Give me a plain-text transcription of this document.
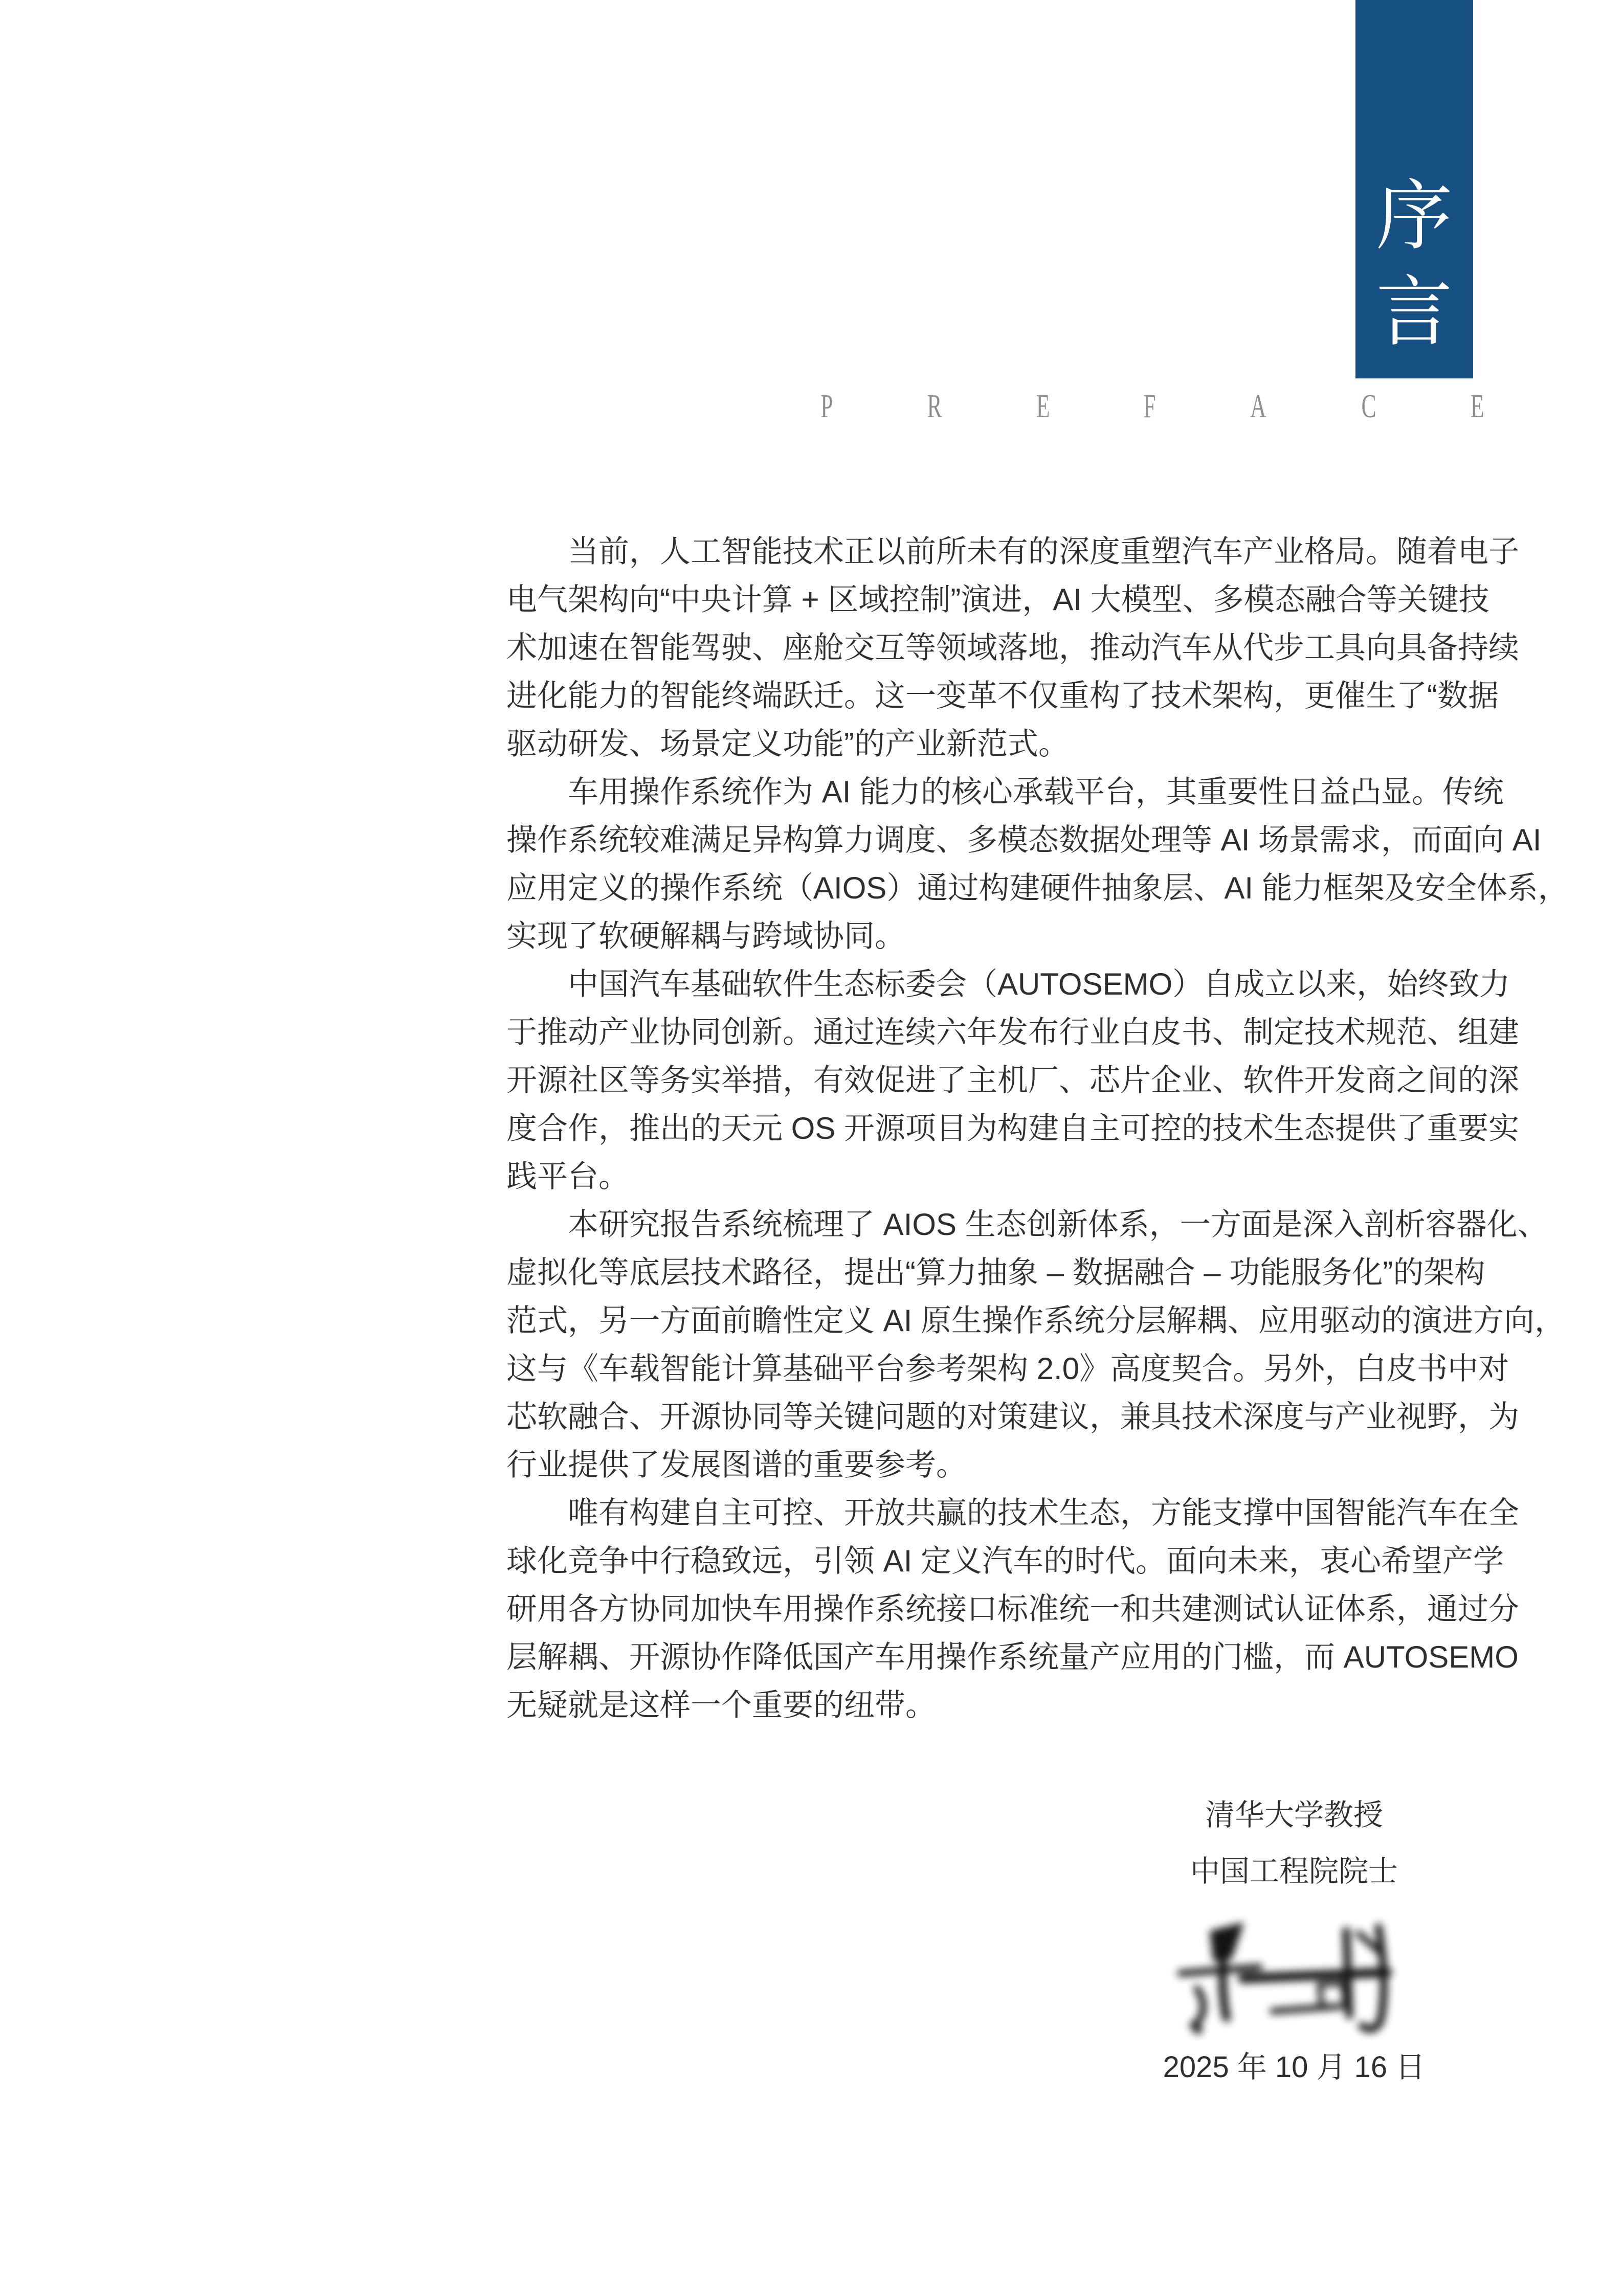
序
言
P	R	E	F	A	C	E
当前，人工智能技术正以前所未有的深度重塑汽车产业格局。随着电子
电气架构向“中央计算 + 区域控制”演进，AI 大模型、多模态融合等关键技
术加速在智能驾驶、座舱交互等领域落地，推动汽车从代步工具向具备持续
进化能力的智能终端跃迁。这一变革不仅重构了技术架构，更催生了“数据
驱动研发、场景定义功能”的产业新范式。
车用操作系统作为 AI 能力的核心承载平台，其重要性日益凸显。传统
操作系统较难满足异构算力调度、多模态数据处理等 AI 场景需求，而面向 AI
应用定义的操作系统（AIOS）通过构建硬件抽象层、AI 能力框架及安全体系，
实现了软硬解耦与跨域协同。
中国汽车基础软件生态标委会（AUTOSEMO）自成立以来，始终致力
于推动产业协同创新。通过连续六年发布行业白皮书、制定技术规范、组建
开源社区等务实举措，有效促进了主机厂、芯片企业、软件开发商之间的深
度合作，推出的天元 OS 开源项目为构建自主可控的技术生态提供了重要实
践平台。
本研究报告系统梳理了 AIOS 生态创新体系，一方面是深入剖析容器化、
虚拟化等底层技术路径，提出“算力抽象 – 数据融合 – 功能服务化”的架构
范式，另一方面前瞻性定义 AI 原生操作系统分层解耦、应用驱动的演进方向，
这与《车载智能计算基础平台参考架构 2.0》高度契合。另外，白皮书中对
芯软融合、开源协同等关键问题的对策建议，兼具技术深度与产业视野，为
行业提供了发展图谱的重要参考。
唯有构建自主可控、开放共赢的技术生态，方能支撑中国智能汽车在全
球化竞争中行稳致远，引领 AI 定义汽车的时代。面向未来，衷心希望产学
研用各方协同加快车用操作系统接口标准统一和共建测试认证体系，通过分
层解耦、开源协作降低国产车用操作系统量产应用的门槛，而 AUTOSEMO
无疑就是这样一个重要的纽带。
清华大学教授
中国工程院院士
2025 年 10 月 16 日
